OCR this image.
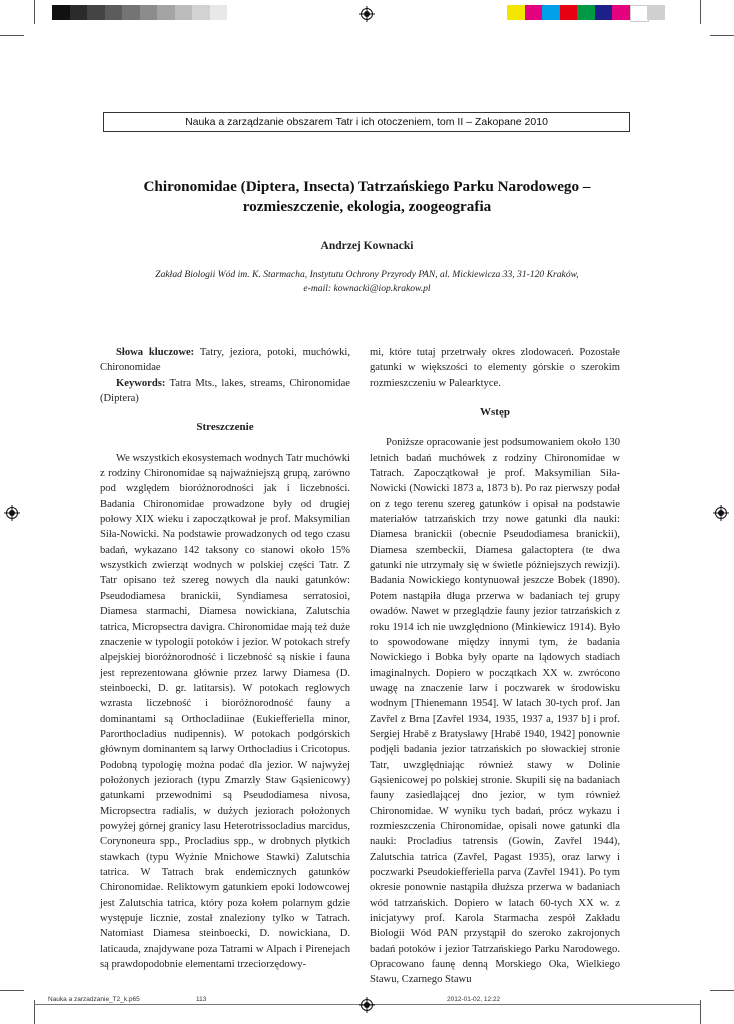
Nauka a zarządzanie obszarem Tatr i ich otoczeniem, tom II – Zakopane 2010
Chironomidae (Diptera, Insecta) Tatrzańskiego Parku Narodowego –
rozmieszczenie, ekologia, zoogeografia
Andrzej Kownacki
Zakład Biologii Wód im. K. Starmacha, Instytutu Ochrony Przyrody PAN, al. Mickiewicza 33, 31-120 Kraków,
e-mail: kownacki@iop.krakow.pl

Słowa kluczowe: Tatry, jeziora, potoki, muchówki, Chironomidae

Keywords: Tatra Mts., lakes, streams, Chironomidae (Diptera)

Streszczenie

We wszystkich ekosystemach wodnych Tatr muchówki z rodziny Chironomidae są najważniejszą grupą, zarówno pod względem bioróżnorodności jak i liczebności. Badania Chironomidae prowadzone były od drugiej połowy XIX wieku i zapoczątkował je prof. Maksymilian Siła-Nowicki. Na podstawie prowadzonych od tego czasu badań, wykazano 142 taksony co stanowi około 15% wszystkich zwierząt wodnych w polskiej części Tatr. Z Tatr opisano też szereg nowych dla nauki gatunków: Pseudodiamesa branickii, Syndiamesa serratosioi, Diamesa starmachi, Diamesa nowickiana, Zalutschia tatrica, Micropsectra davigra. Chironomidae mają też duże znaczenie w typologii potoków i jezior. W potokach strefy alpejskiej bioróżnorodność i liczebność są niskie i fauna jest reprezentowana głównie przez larwy Diamesa (D. steinboecki, D. gr. latitarsis). W potokach reglowych wzrasta liczebność i bioróżnorodność fauny a dominantami są Orthocladiinae (Eukiefferiella minor, Parorthocladius nudipennis). W potokach podgórskich głównym dominantem są larwy Orthocladius i Cricotopus. Podobną typologię można podać dla jezior. W najwyżej położonych jeziorach (typu Zmarzły Staw Gąsienicowy) gatunkami przewodnimi są Pseudodiamesa nivosa, Micropsectra radialis, w dużych jeziorach położonych powyżej górnej granicy lasu Heterotrissocladius marcidus, Corynoneura spp., Procladius spp., w drobnych płytkich stawkach (typu Wyżnie Mnichowe Stawki) Zalutschia tatrica. W Tatrach brak endemicznych gatunków Chironomidae. Reliktowym gatunkiem epoki lodowcowej jest Zalutschia tatrica, który poza kołem polarnym gdzie występuje licznie, został znaleziony tylko w Tatrach. Natomiast Diamesa steinboecki, D. nowickiana, D. laticauda, znajdywane poza Tatrami w Alpach i Pirenejach są prawdopodobnie elementami trzeciorzędowy-

mi, które tutaj przetrwały okres zlodowaceń. Pozostałe gatunki w większości to elementy górskie o szerokim rozmieszczeniu w Palearktyce.

Wstęp

Poniższe opracowanie jest podsumowaniem około 130 letnich badań muchówek z rodziny Chironomidae w Tatrach. Zapoczątkował je prof. Maksymilian Siła-Nowicki (Nowicki 1873 a, 1873 b). Po raz pierwszy podał on z tego terenu szereg gatunków i opisał na podstawie materiałów tatrzańskich trzy nowe gatunki dla nauki: Diamesa branickii (obecnie Pseudodiamesa branickii), Diamesa szembeckii, Diamesa galactoptera (te dwa gatunki nie utrzymały się w świetle późniejszych rewizji). Badania Nowickiego kontynuował jeszcze Bobek (1890). Potem nastąpiła długa przerwa w badaniach tej grupy owadów. Nawet w przeglądzie fauny jezior tatrzańskich z roku 1914 ich nie uwzględniono (Minkiewicz 1914). Było to spowodowane między innymi tym, że badania Nowickiego i Bobka były oparte na lądowych stadiach imaginalnych. Dopiero w początkach XX w. zwrócono uwagę na znaczenie larw i poczwarek w środowisku wodnym [Thienemann 1954]. W latach 30-tych prof. Jan Zavřel z Brna [Zavřel 1934, 1935, 1937 a, 1937 b] i prof. Sergiej Hrabě z Bratysławy [Hrabě 1940, 1942] ponownie podjęli badania jezior tatrzańskich po słowackiej stronie Tatr, uwzględniając również stawy w Dolinie Gąsienicowej po polskiej stronie. Skupili się na badaniach fauny zasiedlającej dno jezior, w tym również Chironomidae. W wyniku tych badań, prócz wykazu i rozmieszczenia Chironomidae, opisali nowe gatunki dla nauki: Procladius tatrensis (Gowin, Zavřel 1944), Zalutschia tatrica (Zavřel, Pagast 1935), oraz larwy i poczwarki Pseudokiefferiella parva (Zavřel 1941). Po tym okresie ponownie nastąpiła dłuższa przerwa w badaniach wód tatrzańskich. Dopiero w latach 60-tych XX w. z inicjatywy prof. Karola Starmacha zespół Zakładu Biologii Wód PAN przystąpił do szeroko zakrojonych badań potoków i jezior Tatrzańskiego Parku Narodowego. Opracowano faunę denną Morskiego Oka, Wielkiego Stawu, Czarnego Stawu

Nauka a zarzadzanie_T2_k.p65	113	2012-01-02, 12:22
